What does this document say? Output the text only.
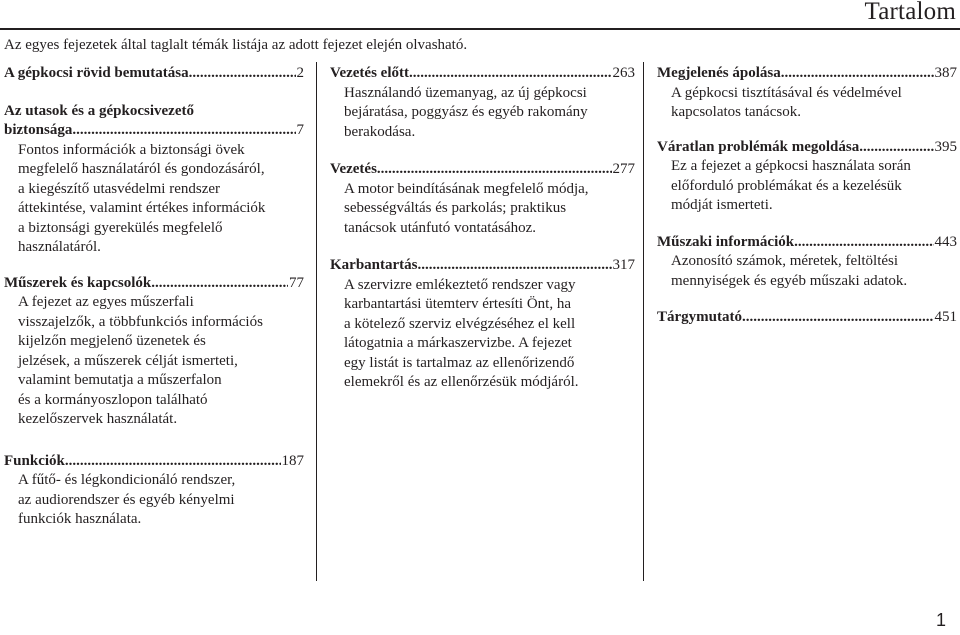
Tartalom
Az egyes fejezetek által taglalt témák listája az adott fejezet elején olvasható.
A gépkocsi rövid bemutatása .....	2
Az utasok és a gépkocsivezető
biztonsága .....	7
Fontos információk a biztonsági övek
megfelelő használatáról és gondozásáról,
a kiegészítő utasvédelmi rendszer
áttekintése, valamint értékes információk
a biztonsági gyerekülés megfelelő
használatáról.
Műszerek és kapcsolók .....	77
A fejezet az egyes műszerfali
visszajelzők, a többfunkciós információs
kijelzőn megjelenő üzenetek és
jelzések, a műszerek célját ismerteti,
valamint bemutatja a műszerfalon
és a kormányoszlopon található
kezelőszervek használatát.
Funkciók .....	187
A fűtő- és légkondicionáló rendszer,
az audiorendszer és egyéb kényelmi
funkciók használata.
Vezetés előtt .....	263
Használandó üzemanyag, az új gépkocsi
bejáratása, poggyász és egyéb rakomány
berakodása.
Vezetés .....	277
A motor beindításának megfelelő módja,
sebességváltás és parkolás; praktikus
tanácsok utánfutó vontatásához.
Karbantartás .....	317
A szervizre emlékeztető rendszer vagy
karbantartási ütemterv értesíti Önt, ha
a kötelező szerviz elvégzéséhez el kell
látogatnia a márkaszervizbe. A fejezet
egy listát is tartalmaz az ellenőrizendő
elemekről és az ellenőrzésük módjáról.
Megjelenés ápolása .....	387
A gépkocsi tisztításával és védelmével
kapcsolatos tanácsok.
Váratlan problémák megoldása .....	395
Ez a fejezet a gépkocsi használata során
előforduló problémákat és a kezelésük
módját ismerteti.
Műszaki információk .....	443
Azonosító számok, méretek, feltöltési
mennyiségek és egyéb műszaki adatok.
Tárgymutató .....	451
1
